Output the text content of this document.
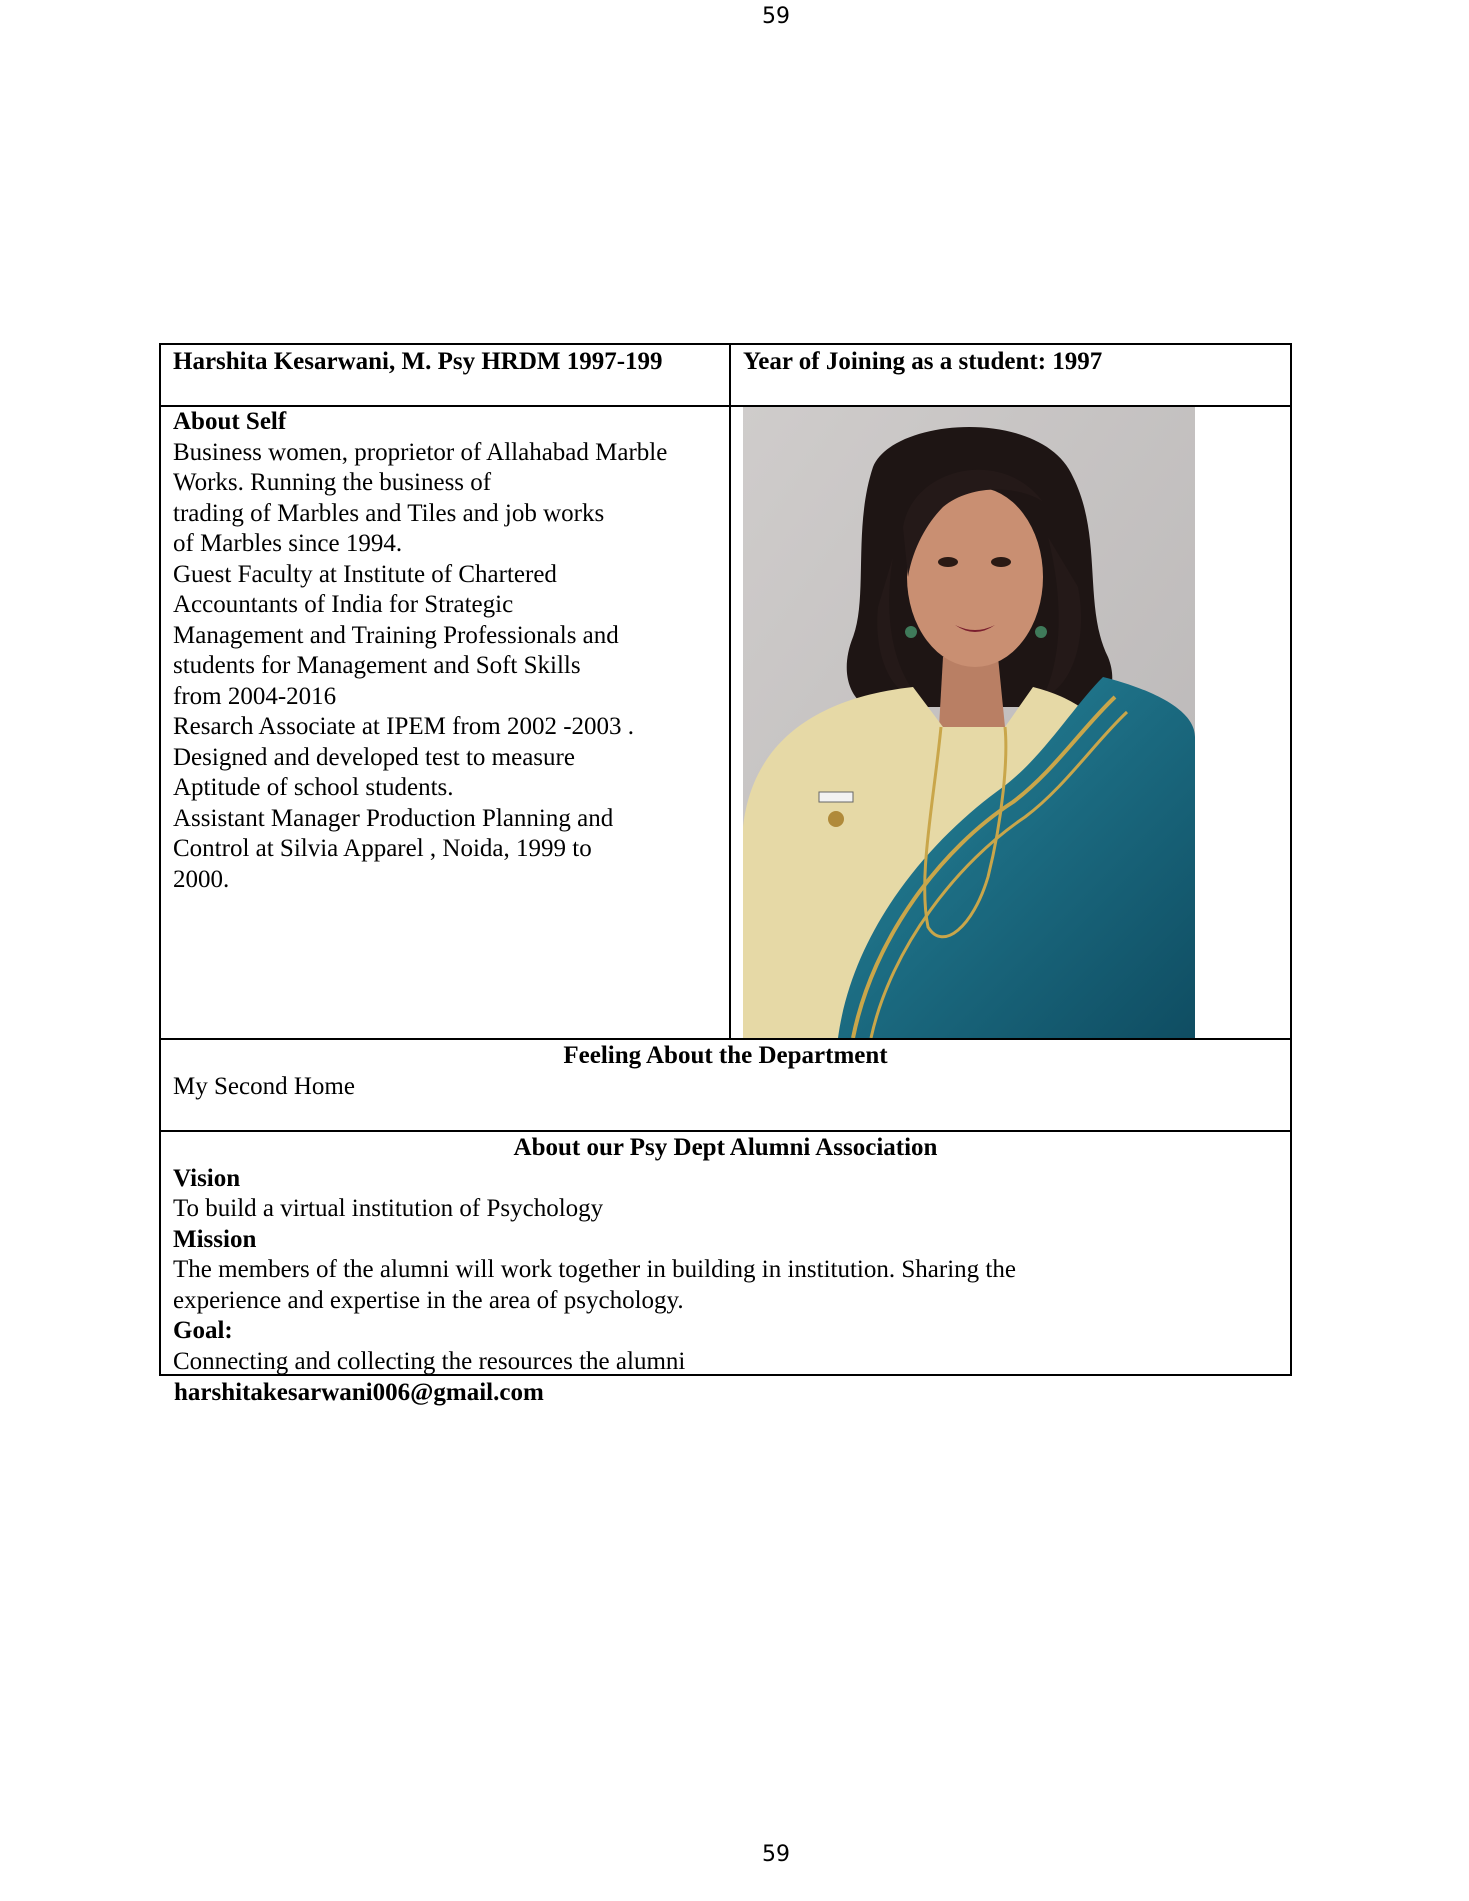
59
Harshita Kesarwani, M. Psy HRDM 1997-199	Year of Joining as a student: 1997
About Self
Business women, proprietor of Allahabad Marble
Works. Running the business of
trading of Marbles and Tiles and job works
of Marbles since 1994.
Guest Faculty at Institute of Chartered
Accountants of India for Strategic
Management and Training Professionals and
students for Management and Soft Skills
from 2004-2016
Resarch Associate at IPEM from 2002 -2003 .
Designed and developed test to measure
Aptitude of school students.
Assistant Manager Production Planning and
Control at Silvia Apparel , Noida, 1999 to
2000.
Feeling About the Department
My Second Home
About our Psy Dept Alumni Association
Vision
To build a virtual institution of Psychology
Mission
The members of the alumni will work together in building in institution. Sharing the experience and expertise in the area of psychology.
Goal:
Connecting and collecting the resources the alumni
harshitakesarwani006@gmail.com
59
